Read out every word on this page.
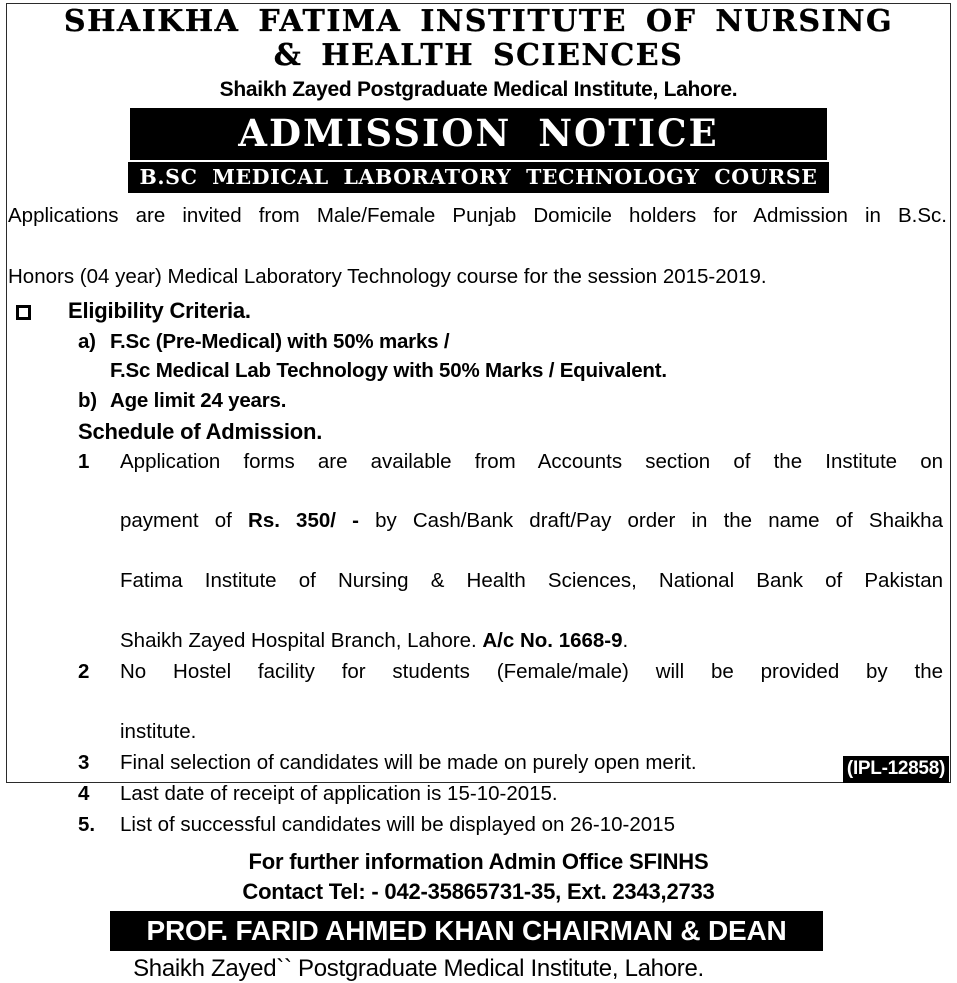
SHAIKHA FATIMA INSTITUTE OF NURSING
& HEALTH SCIENCES
Shaikh Zayed Postgraduate Medical Institute, Lahore.
ADMISSION NOTICE
B.SC MEDICAL LABORATORY TECHNOLOGY COURSE
Applications are invited from Male/Female Punjab Domicile holders for Admission in B.Sc.
Honors (04 year) Medical Laboratory Technology course for the session 2015-2019.
Eligibility Criteria.
a) F.Sc (Pre-Medical) with 50% marks /
F.Sc Medical Lab Technology with 50% Marks / Equivalent.
b) Age limit 24 years.
Schedule of Admission.
1	Application forms are available from Accounts section of the Institute on
payment of Rs. 350/ - by Cash/Bank draft/Pay order in the name of Shaikha
Fatima Institute of Nursing & Health Sciences, National Bank of Pakistan
Shaikh Zayed Hospital Branch, Lahore. A/c No. 1668-9.
2	No Hostel facility for students (Female/male) will be provided by the
institute.
3	Final selection of candidates will be made on purely open merit.
4	Last date of receipt of application is 15-10-2015.
5.	List of successful candidates will be displayed on 26-10-2015
For further information Admin Office SFINHS
Contact Tel: - 042-35865731-35, Ext. 2343,2733
PROF. FARID AHMED KHAN CHAIRMAN & DEAN
Shaikh Zayed`` Postgraduate Medical Institute, Lahore.
(IPL-12858)
